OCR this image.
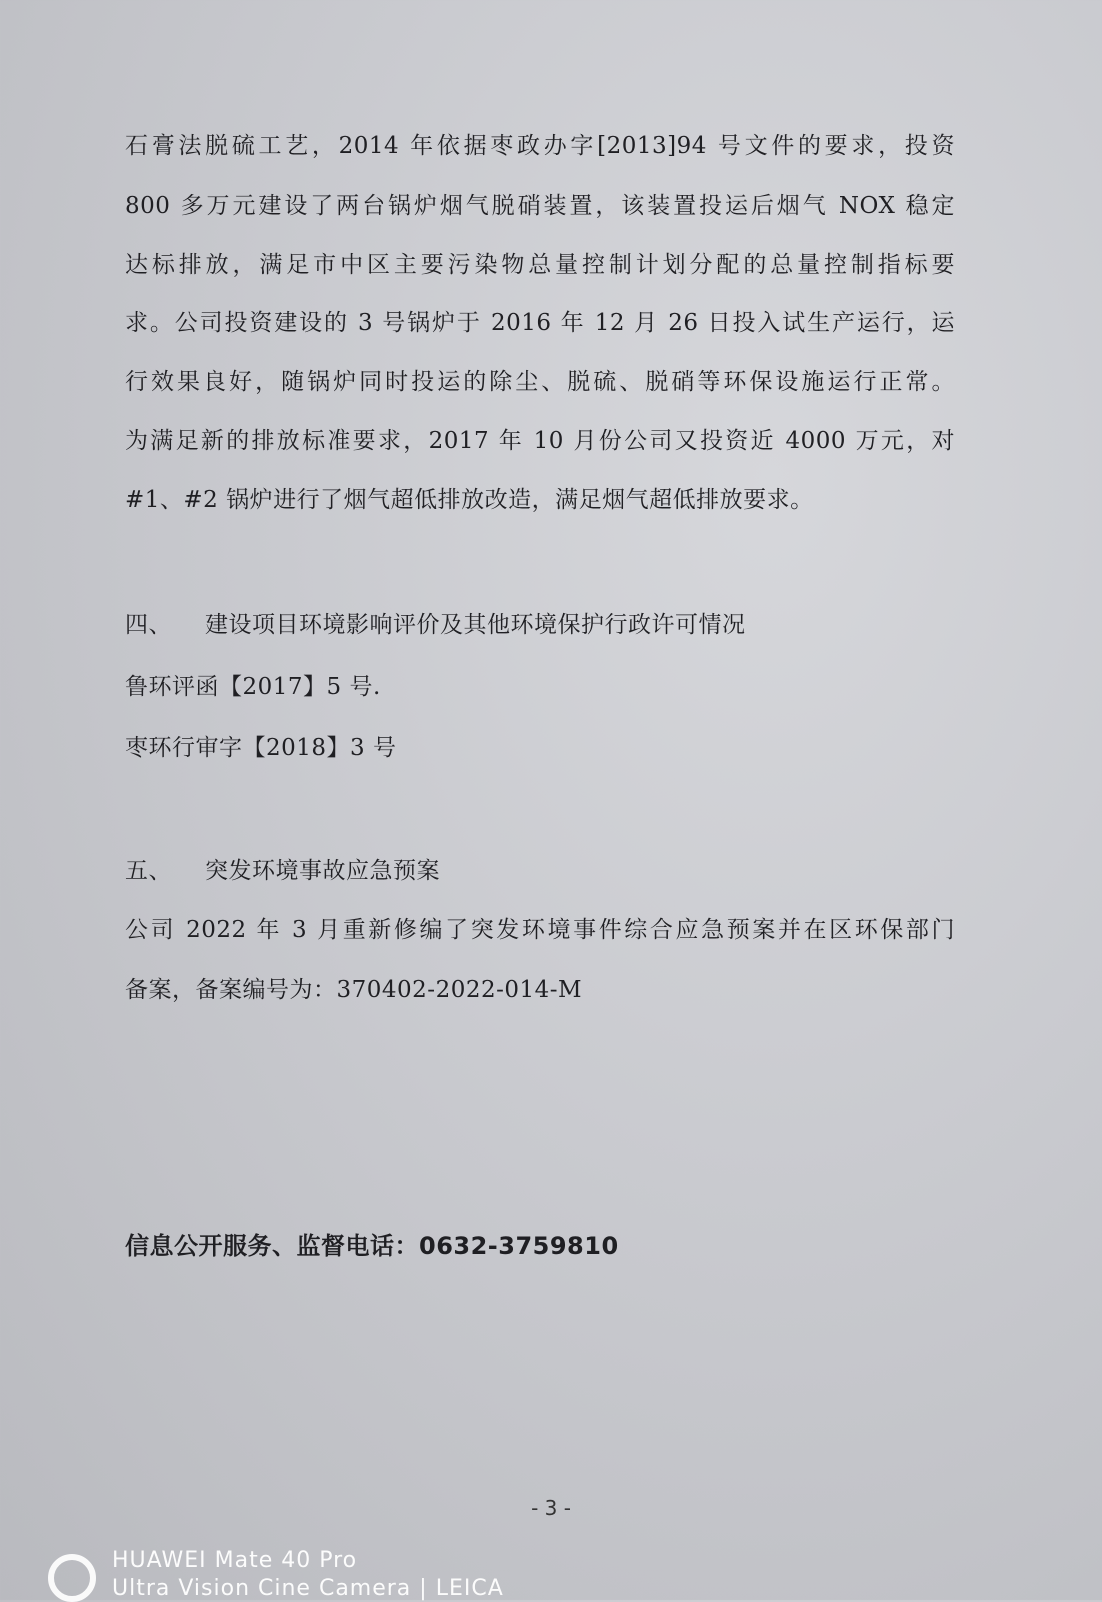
石膏法脱硫工艺，2014 年依据枣政办字[2013]94 号文件的要求，投资
800 多万元建设了两台锅炉烟气脱硝装置，该装置投运后烟气 NOX 稳定
达标排放，满足市中区主要污染物总量控制计划分配的总量控制指标要
求。公司投资建设的 3 号锅炉于 2016 年 12 月 26 日投入试生产运行，运
行效果良好，随锅炉同时投运的除尘、脱硫、脱硝等环保设施运行正常。
为满足新的排放标准要求，2017 年 10 月份公司又投资近 4000 万元，对
#1、#2 锅炉进行了烟气超低排放改造，满足烟气超低排放要求。
四、 建设项目环境影响评价及其他环境保护行政许可情况
鲁环评函【2017】5 号.
枣环行审字【2018】3 号
五、 突发环境事故应急预案
公司 2022 年 3 月重新修编了突发环境事件综合应急预案并在区环保部门
备案，备案编号为：370402-2022-014-M
信息公开服务、监督电话：0632-3759810
- 3 -
HUAWEI Mate 40 Pro
Ultra Vision Cine Camera | LEICA
